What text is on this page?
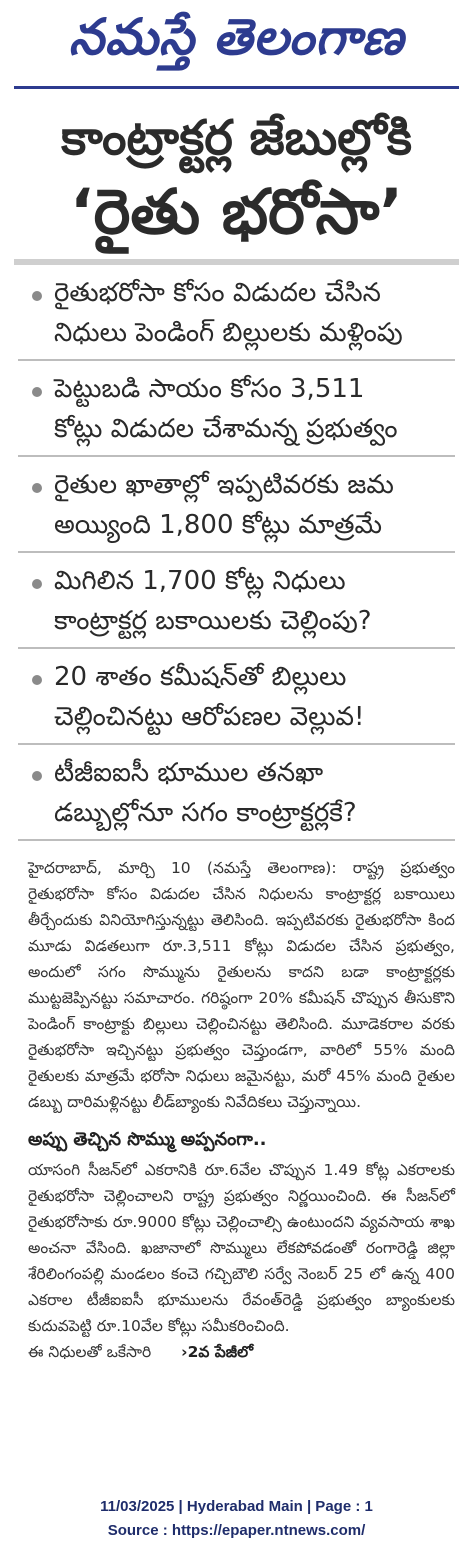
నమస్తే తెలంగాణ
కాంట్రాక్టర్ల జేబుల్లోకి
‘రైతు భరోసా’
రైతుభరోసా కోసం విడుదల చేసిన
నిధులు పెండింగ్‌ బిల్లులకు మళ్లింపు
పెట్టుబడి సాయం కోసం 3,511
కోట్లు విడుదల చేశామన్న ప్రభుత్వం
రైతుల ఖాతాల్లో ఇప్పటివరకు జమ
అయ్యింది 1,800 కోట్లు మాత్రమే
మిగిలిన 1,700 కోట్ల నిధులు
కాంట్రాక్టర్ల బకాయిలకు చెల్లింపు?
20 శాతం కమీషన్‌తో బిల్లులు
చెల్లించినట్టు ఆరోపణల వెల్లువ!
టీజీఐఐసీ భూముల తనఖా
డబ్బుల్లోనూ సగం కాంట్రాక్టర్లకే?
హైదరాబాద్‌, మార్చి 10 (నమస్తే తెలంగాణ): రాష్ట్ర ప్రభుత్వం రైతుభరోసా కోసం విడుదల చేసిన నిధులను కాంట్రాక్టర్ల బకాయిలు తీర్చేందుకు వినియోగిస్తున్నట్టు తెలిసింది. ఇప్పటివరకు రైతుభరోసా కింద మూడు విడతలుగా రూ.3,511 కోట్లు విడుదల చేసిన ప్రభుత్వం, అందులో సగం సొమ్మును రైతులను కాదని బడా కాంట్రాక్టర్లకు ముట్టజెప్పినట్టు సమాచారం. గరిష్ఠంగా 20% కమీషన్‌ చొప్పున తీసుకొని పెండింగ్‌ కాంట్రాక్టు బిల్లులు చెల్లించినట్టు తెలిసింది. మూడెకరాల వరకు రైతుభరోసా ఇచ్చినట్టు ప్రభుత్వం చెప్తుండగా, వారిలో 55% మంది రైతులకు మాత్రమే భరోసా నిధులు జమైనట్టు, మరో 45% మంది రైతుల డబ్బు దారిమళ్లినట్టు లీడ్‌బ్యాంకు నివేదికలు చెప్తున్నాయి.
అప్పు తెచ్చిన సొమ్ము అప్పనంగా..
యాసంగి సీజన్‌లో ఎకరానికి రూ.6వేల చొప్పున 1.49 కోట్ల ఎకరాలకు రైతుభరోసా చెల్లించాలని రాష్ట్ర ప్రభుత్వం నిర్ణయించింది. ఈ సీజన్‌లో రైతుభరోసాకు రూ.9000 కోట్లు చెల్లించాల్సి ఉంటుందని వ్యవసాయ శాఖ అంచనా వేసింది. ఖజానాలో సొమ్ములు లేకపోవడంతో రంగారెడ్డి జిల్లా శేరిలింగంపల్లి మండలం కంచె గచ్చిబౌలి సర్వే నెంబర్‌ 25 లో ఉన్న 400 ఎకరాల టీజీఐఐసీ భూములను రేవంత్‌రెడ్డి ప్రభుత్వం బ్యాంకులకు కుదువపెట్టి రూ.10వేల కోట్లు సమీకరించింది.
ఈ నిధులతో ఒకేసారి ›2వ పేజీలో
11/03/2025 | Hyderabad Main | Page : 1
Source : https://epaper.ntnews.com/
